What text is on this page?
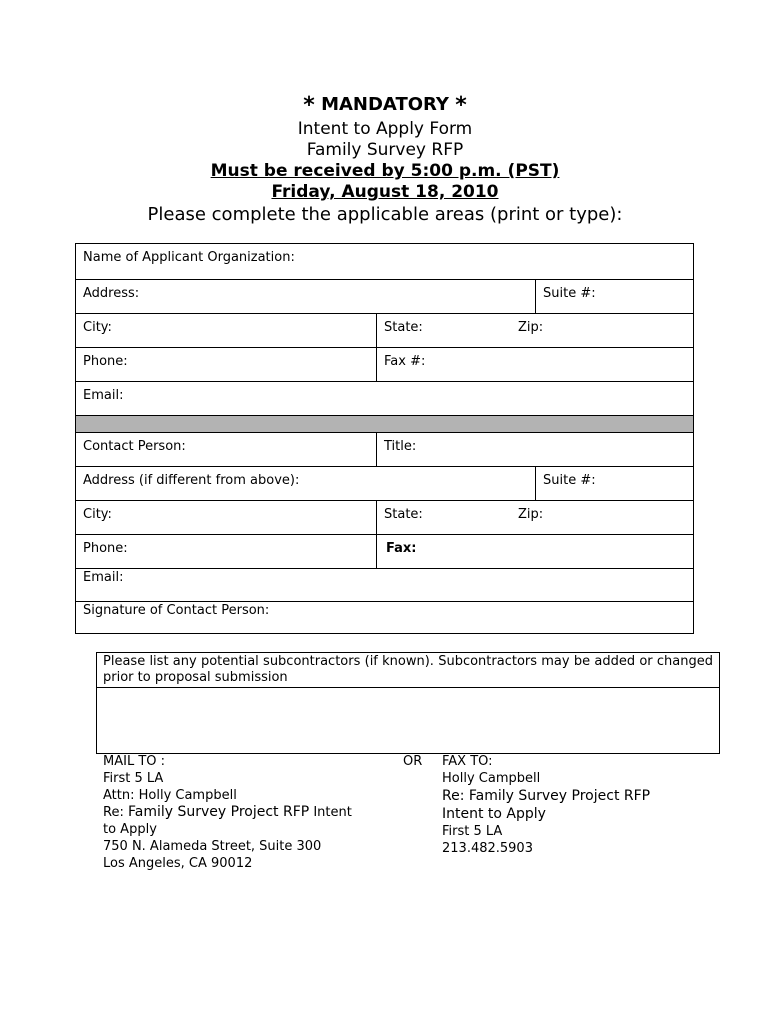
* MANDATORY *
Intent to Apply Form
Family Survey RFP
Must be received by 5:00 p.m. (PST)
Friday, August 18, 2010
Please complete the applicable areas (print or type):
Name of Applicant Organization:
Address:	Suite #:
City:	State:	Zip:
Phone:	Fax #:
Email:
Contact Person:	Title:
Address (if different from above):	Suite #:
City:	State:	Zip:
Phone:	Fax:
Email:
Signature of Contact Person:
Please list any potential subcontractors (if known). Subcontractors may be added or changed prior to proposal submission
MAIL TO :
First 5 LA
Attn: Holly Campbell
Re: Family Survey Project RFP Intent
to Apply
750 N. Alameda Street, Suite 300
Los Angeles, CA 90012
OR FAX TO:
Holly Campbell
Re: Family Survey Project RFP
Intent to Apply
First 5 LA
213.482.5903
